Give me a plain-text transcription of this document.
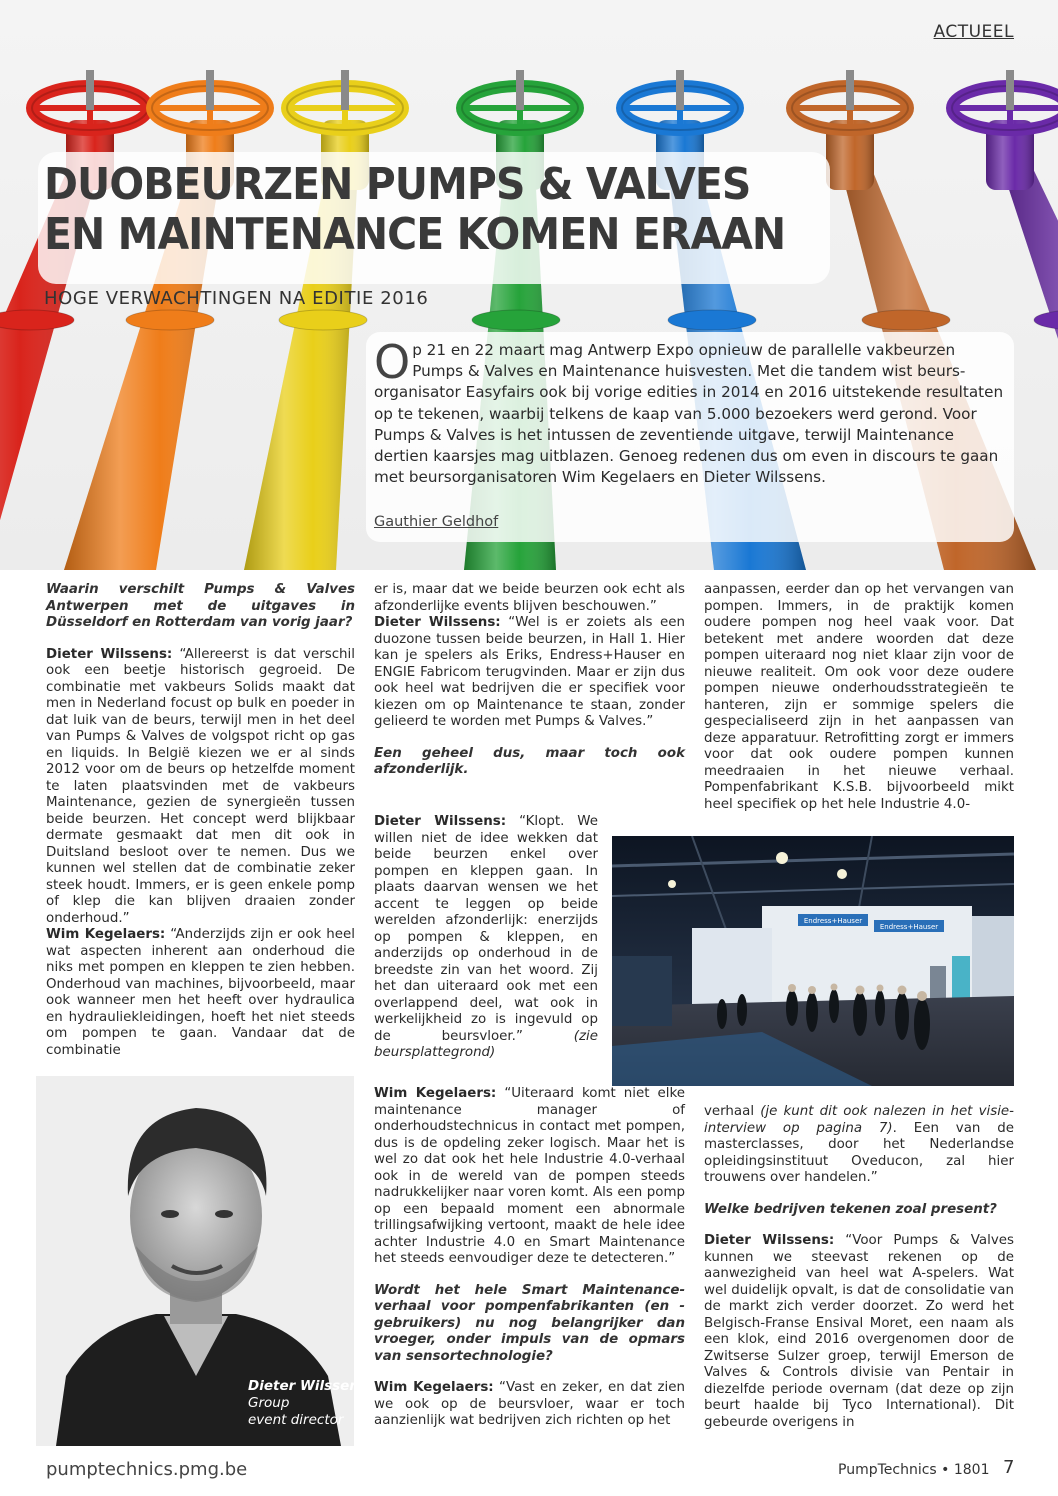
ACTUEEL
DUOBEURZEN PUMPS & VALVES
EN MAINTENANCE KOMEN ERAAN
HOGE VERWACHTINGEN NA EDITIE 2016

Op 21 en 22 maart mag Antwerp Expo opnieuw de parallelle vakbeurzen Pumps & Valves en Maintenance huisvesten. Met die tandem wist beurs-organisator Easyfairs ook bij vorige edities in 2014 en 2016 uitstekende resultaten op te tekenen, waarbij telkens de kaap van 5.000 bezoekers werd gerond. Voor Pumps & Valves is het intussen de zeventiende uitgave, terwijl Maintenance dertien kaarsjes mag uitblazen. Genoeg redenen dus om even in discours te gaan met beursorganisatoren Wim Kegelaers en Dieter Wilssens.

Gauthier Geldhof

Waarin verschilt Pumps & Valves Antwerpen met de uitgaves in Düsseldorf en Rotterdam van vorig jaar?

Dieter Wilssens: “Allereerst is dat verschil ook een beetje historisch gegroeid. De combinatie met vakbeurs Solids maakt dat men in Nederland focust op bulk en poeder in dat luik van de beurs, terwijl men in het deel van Pumps & Valves de volgspot richt op gas en liquids. In België kiezen we er al sinds 2012 voor om de beurs op hetzelfde moment te laten plaatsvinden met de vakbeurs Maintenance, gezien de synergieën tussen beide beurzen. Het concept werd blijkbaar dermate gesmaakt dat men dit ook in Duitsland besloot over te nemen. Dus we kunnen wel stellen dat de combinatie zeker steek houdt. Immers, er is geen enkele pomp of klep die kan blijven draaien zonder onderhoud.”
Wim Kegelaers: “Anderzijds zijn er ook heel wat aspecten inherent aan onderhoud die niks met pompen en kleppen te zien hebben. Onderhoud van machines, bijvoorbeeld, maar ook wanneer men het heeft over hydraulica en hydrauliekleidingen, hoeft het niet steeds om pompen te gaan. Vandaar dat de combinatie

Dieter Wilssens
Group
event director

er is, maar dat we beide beurzen ook echt als afzonderlijke events blijven beschouwen.”
Dieter Wilssens: “Wel is er zoiets als een duozone tussen beide beurzen, in Hall 1. Hier kan je spelers als Eriks, Endress+Hauser en ENGIE Fabricom terugvinden. Maar er zijn dus ook heel wat bedrijven die er specifiek voor kiezen om op Maintenance te staan, zonder gelieerd te worden met Pumps & Valves.”

Een geheel dus, maar toch ook afzonderlijk.

Dieter Wilssens: “Klopt. We willen niet de idee wekken dat beide beurzen enkel over pompen en kleppen gaan. In plaats daarvan wensen we het accent te leggen op beide werelden afzonderlijk: enerzijds op pompen & kleppen, en anderzijds op onderhoud in de breedste zin van het woord. Zij het dan uiteraard ook met een overlappend deel, wat ook in werkelijkheid zo is ingevuld op de beursvloer.” (zie beursplattegrond)

Wim Kegelaers: “Uiteraard komt niet elke maintenance manager of onderhoudstechnicus in contact met pompen, dus is de opdeling zeker logisch. Maar het is wel zo dat ook het hele Industrie 4.0-verhaal ook in de wereld van de pompen steeds nadrukkelijker naar voren komt. Als een pomp op een bepaald moment een abnormale trillingsafwijking vertoont, maakt de hele idee achter Industrie 4.0 en Smart Maintenance het steeds eenvoudiger deze te detecteren.”

Wordt het hele Smart Maintenance-verhaal voor pompenfabrikanten (en -gebruikers) nu nog belangrijker dan vroeger, onder impuls van de opmars van sensortechnologie?

Wim Kegelaers: “Vast en zeker, en dat zien we ook op de beursvloer, waar er toch aanzienlijk wat bedrijven zich richten op het

Endress+Hauser
Endress+Hauser

aanpassen, eerder dan op het vervangen van pompen. Immers, in de praktijk komen oudere pompen nog heel vaak voor. Dat betekent met andere woorden dat deze pompen uiteraard nog niet klaar zijn voor de nieuwe realiteit. Om ook voor deze oudere pompen nieuwe onderhoudsstrategieën te hanteren, zijn er sommige spelers die gespecialiseerd zijn in het aanpassen van deze apparatuur. Retrofitting zorgt er immers voor dat ook oudere pompen kunnen meedraaien in het nieuwe verhaal. Pompenfabrikant K.S.B. bijvoorbeeld mikt heel specifiek op het hele Industrie 4.0-

verhaal (je kunt dit ook nalezen in het visie-interview op pagina 7). Een van de masterclasses, door het Nederlandse opleidingsinstituut Oveducon, zal hier trouwens over handelen.”

Welke bedrijven tekenen zoal present?

Dieter Wilssens: “Voor Pumps & Valves kunnen we steevast rekenen op de aanwezigheid van heel wat A-spelers. Wat wel duidelijk opvalt, is dat de consolidatie van de markt zich verder doorzet. Zo werd het Belgisch-Franse Ensival Moret, een naam als een klok, eind 2016 overgenomen door de Zwitserse Sulzer groep, terwijl Emerson de Valves & Controls divisie van Pentair in diezelfde periode overnam (dat deze op zijn beurt haalde bij Tyco International). Dit gebeurde overigens in

pumptechnics.pmg.be	PumpTechnics • 1801 7
